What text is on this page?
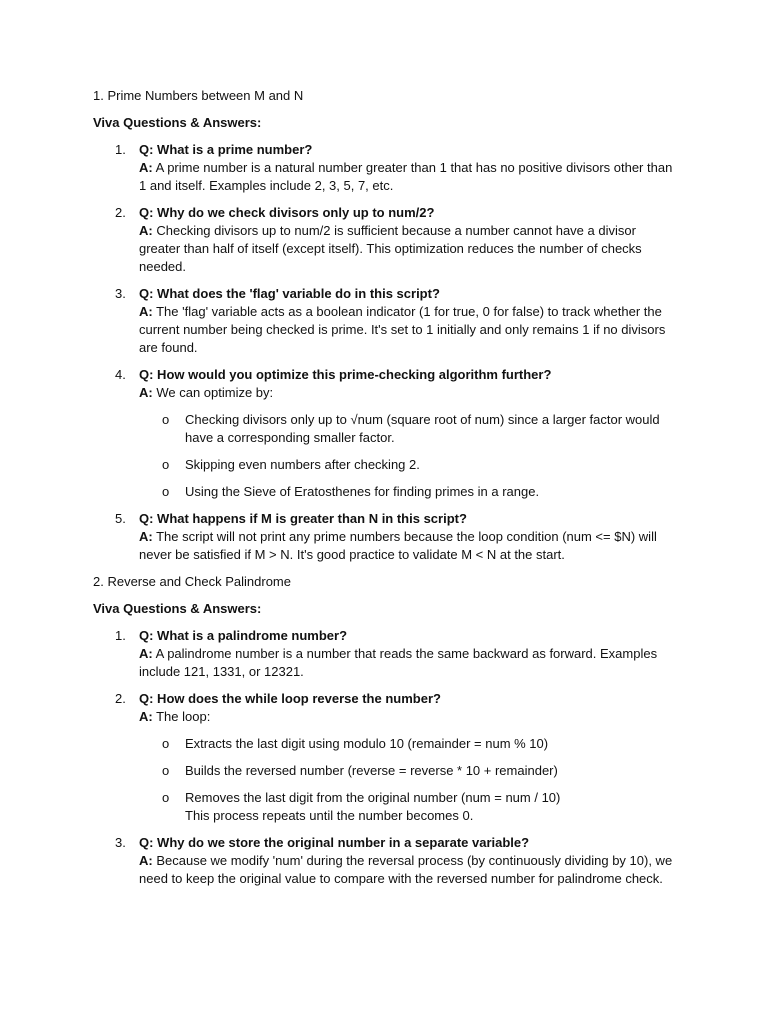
1. Prime Numbers between M and N
Viva Questions & Answers:
1. Q: What is a prime number?
A: A prime number is a natural number greater than 1 that has no positive divisors other than 1 and itself. Examples include 2, 3, 5, 7, etc.
2. Q: Why do we check divisors only up to num/2?
A: Checking divisors up to num/2 is sufficient because a number cannot have a divisor greater than half of itself (except itself). This optimization reduces the number of checks needed.
3. Q: What does the 'flag' variable do in this script?
A: The 'flag' variable acts as a boolean indicator (1 for true, 0 for false) to track whether the current number being checked is prime. It's set to 1 initially and only remains 1 if no divisors are found.
4. Q: How would you optimize this prime-checking algorithm further?
A: We can optimize by:
o Checking divisors only up to √num (square root of num) since a larger factor would have a corresponding smaller factor.
o Skipping even numbers after checking 2.
o Using the Sieve of Eratosthenes for finding primes in a range.
5. Q: What happens if M is greater than N in this script?
A: The script will not print any prime numbers because the loop condition (num <= $N) will never be satisfied if M > N. It's good practice to validate M < N at the start.
2. Reverse and Check Palindrome
Viva Questions & Answers:
1. Q: What is a palindrome number?
A: A palindrome number is a number that reads the same backward as forward. Examples include 121, 1331, or 12321.
2. Q: How does the while loop reverse the number?
A: The loop:
o Extracts the last digit using modulo 10 (remainder = num % 10)
o Builds the reversed number (reverse = reverse * 10 + remainder)
o Removes the last digit from the original number (num = num / 10)
This process repeats until the number becomes 0.
3. Q: Why do we store the original number in a separate variable?
A: Because we modify 'num' during the reversal process (by continuously dividing by 10), we need to keep the original value to compare with the reversed number for palindrome check.
